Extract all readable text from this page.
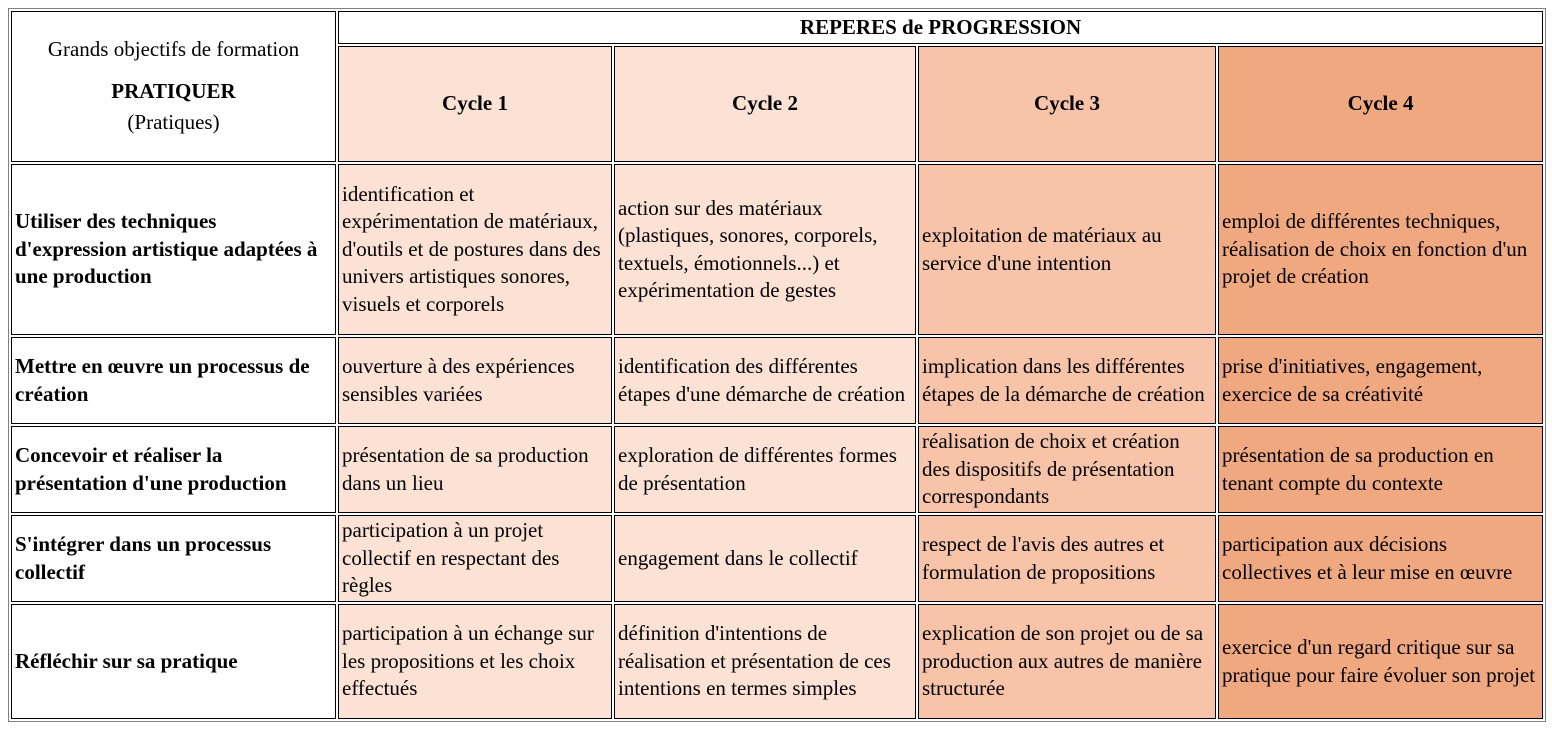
Grands objectifs de formation
PRATIQUER
(Pratiques)	REPERES de PROGRESSION			
	Cycle 1	Cycle 2	Cycle 3	Cycle 4
Utiliser des techniques d'expression artistique adaptées à une production	identification et expérimentation de matériaux, d'outils et de postures dans des univers artistiques sonores, visuels et corporels	action sur des matériaux (plastiques, sonores, corporels, textuels, émotionnels...) et expérimentation de gestes	exploitation de matériaux au service d'une intention	emploi de différentes techniques, réalisation de choix en fonction d'un projet de création
Mettre en œuvre un processus de création	ouverture à des expériences sensibles variées	identification des différentes étapes d'une démarche de création	implication dans les différentes étapes de la démarche de création	prise d'initiatives, engagement, exercice de sa créativité
Concevoir et réaliser la présentation d'une production	présentation de sa production dans un lieu	exploration de différentes formes de présentation	réalisation de choix et création des dispositifs de présentation correspondants	présentation de sa production en tenant compte du contexte
S'intégrer dans un processus collectif	participation à un projet collectif en respectant des règles	engagement dans le collectif	respect de l'avis des autres et formulation de propositions	participation aux décisions collectives et à leur mise en œuvre
Réfléchir sur sa pratique	participation à un échange sur les propositions et les choix effectués	définition d'intentions de réalisation et présentation de ces intentions en termes simples	explication de son projet ou de sa production aux autres de manière structurée	exercice d'un regard critique sur sa pratique pour faire évoluer son projet
